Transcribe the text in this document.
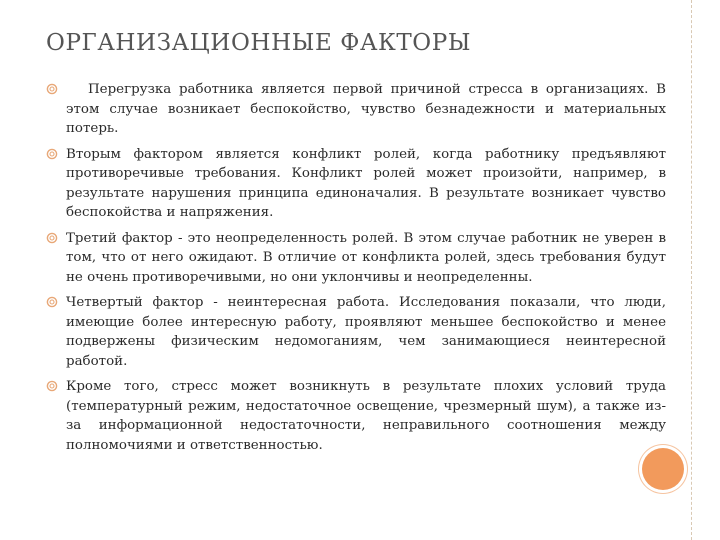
ОРГАНИЗАЦИОННЫЕ ФАКТОРЫ
Перегрузка работника является первой причиной стресса в организациях. В этом случае возникает беспокойство, чувство безнадежности и материальных потерь.
Вторым фактором является конфликт ролей, когда работнику предъявляют противоречивые требования. Конфликт ролей может произойти, например, в результате нарушения принципа единоначалия. В результате возникает чувство беспокойства и напряжения.
Третий фактор - это неопределенность ролей. В этом случае работник не уверен в том, что от него ожидают. В отличие от конфликта ролей, здесь требования будут не очень противоречивыми, но они уклончивы и неопределенны.
Четвертый фактор - неинтересная работа. Исследования показали, что люди, имеющие более интересную работу, проявляют меньшее беспокойство и менее подвержены физическим недомоганиям, чем занимающиеся неинтересной работой.
Кроме того, стресс может возникнуть в результате плохих условий труда (температурный режим, недостаточное освещение, чрезмерный шум), а также из-за информационной недостаточности, неправильного соотношения между полномочиями и ответственностью.
